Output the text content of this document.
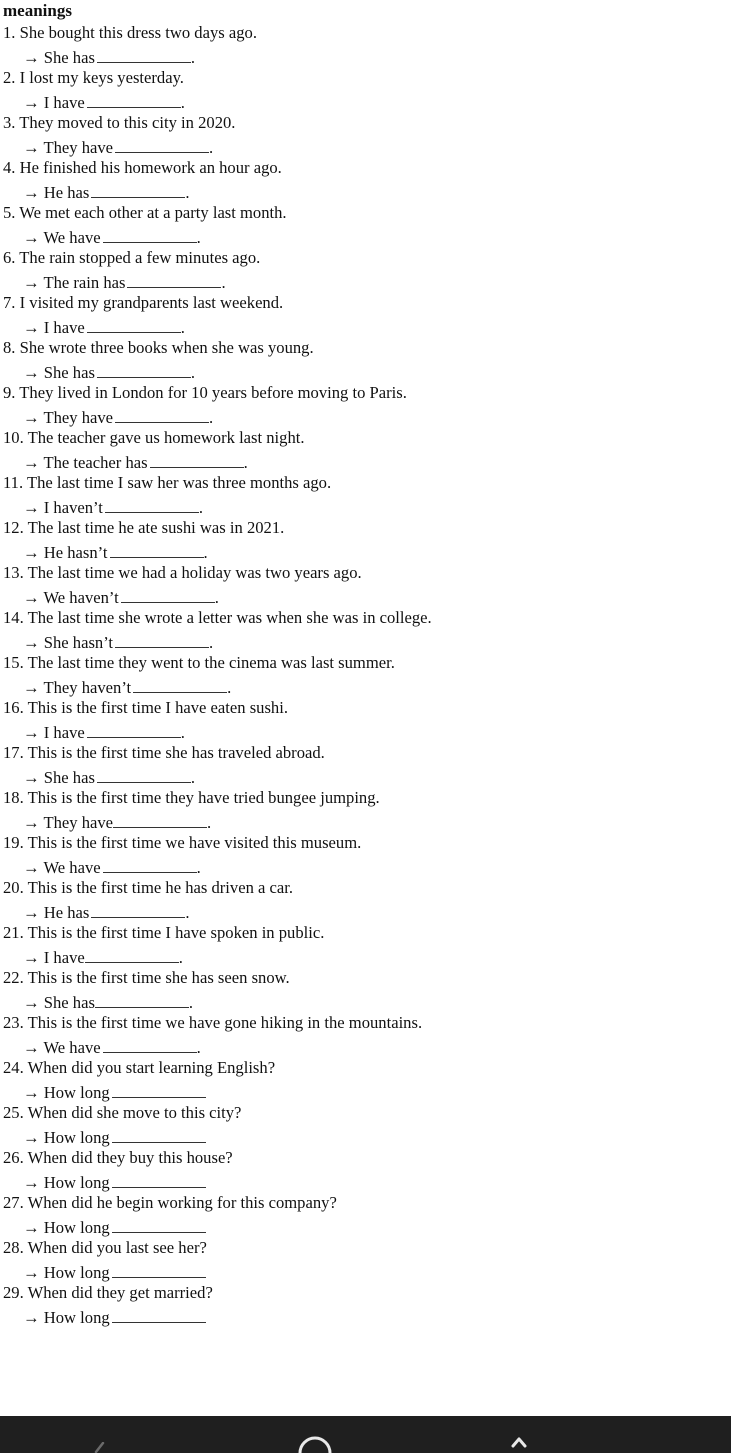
meanings
1. She bought this dress two days ago.
→ She has	.
2. I lost my keys yesterday.
→ I have	.
3. They moved to this city in 2020.
→ They have	.
4. He finished his homework an hour ago.
→ He has	.
5. We met each other at a party last month.
→ We have	.
6. The rain stopped a few minutes ago.
→ The rain has	.
7. I visited my grandparents last weekend.
→ I have	.
8. She wrote three books when she was young.
→ She has	.
9. They lived in London for 10 years before moving to Paris.
→ They have	.
10. The teacher gave us homework last night.
→ The teacher has	.
11. The last time I saw her was three months ago.
→ I haven’t	.
12. The last time he ate sushi was in 2021.
→ He hasn’t	.
13. The last time we had a holiday was two years ago.
→ We haven’t	.
14. The last time she wrote a letter was when she was in college.
→ She hasn’t	.
15. The last time they went to the cinema was last summer.
→ They haven’t	.
16. This is the first time I have eaten sushi.
→ I have	.
17. This is the first time she has traveled abroad.
→ She has	.
18. This is the first time they have tried bungee jumping.
→ They have	.
19. This is the first time we have visited this museum.
→ We have	.
20. This is the first time he has driven a car.
→ He has	.
21. This is the first time I have spoken in public.
→ I have	.
22. This is the first time she has seen snow.
→ She has	.
23. This is the first time we have gone hiking in the mountains.
→ We have	.
24. When did you start learning English?
→ How long
25. When did she move to this city?
→ How long
26. When did they buy this house?
→ How long
27. When did he begin working for this company?
→ How long
28. When did you last see her?
→ How long
29. When did they get married?
→ How long
